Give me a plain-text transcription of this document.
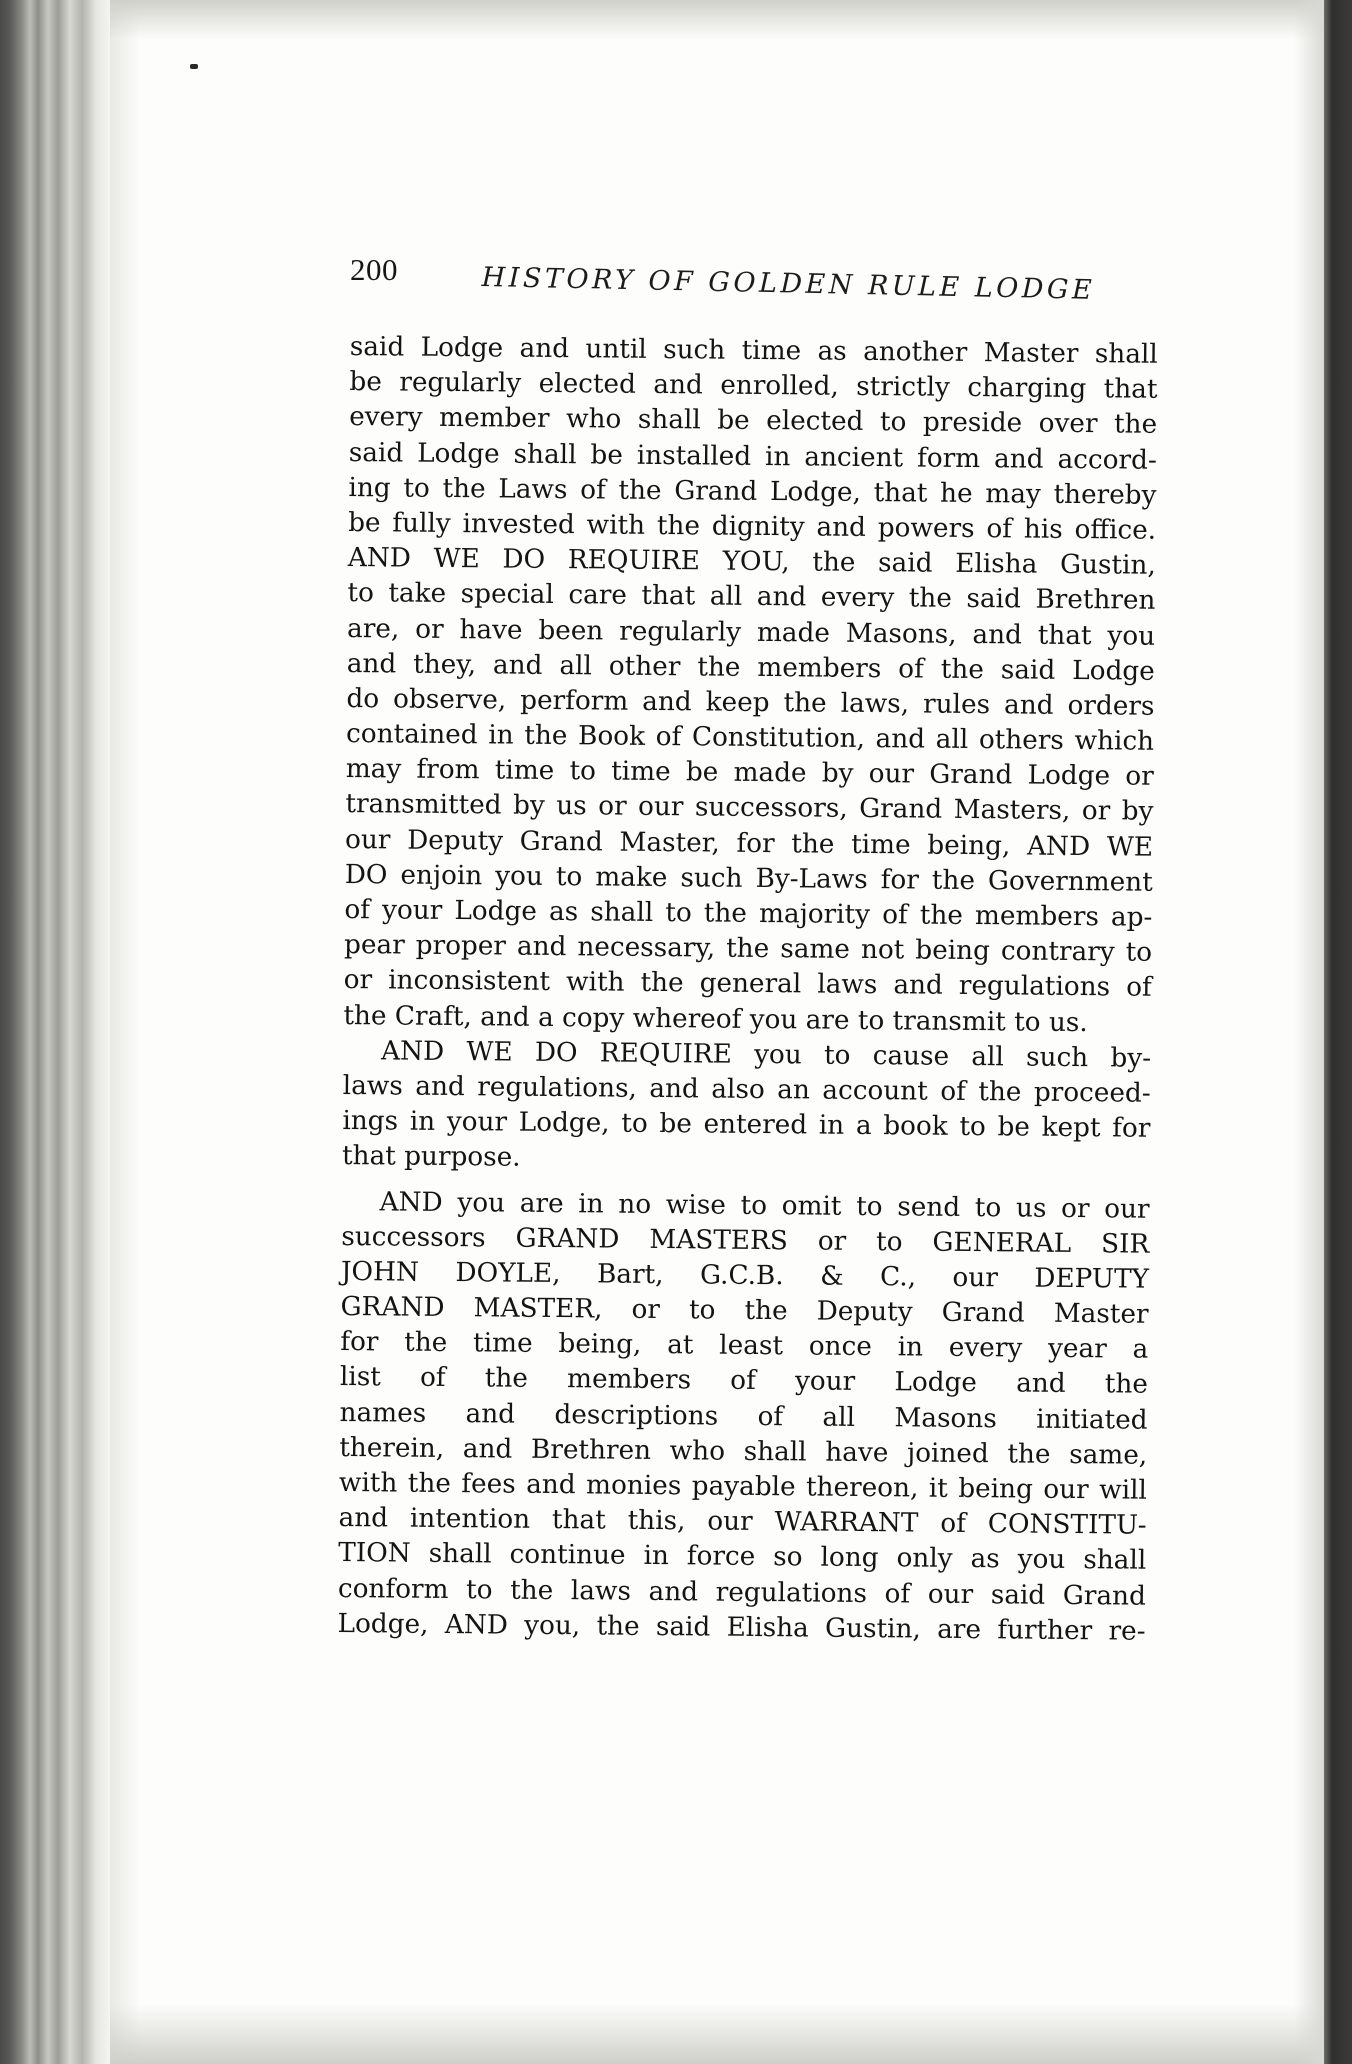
200	HISTORY OF GOLDEN RULE LODGE
said Lodge and until such time as another Master shall
be regularly elected and enrolled, strictly charging that
every member who shall be elected to preside over the
said Lodge shall be installed in ancient form and accord-
ing to the Laws of the Grand Lodge, that he may thereby
be fully invested with the dignity and powers of his office.
AND WE DO REQUIRE YOU, the said Elisha Gustin,
to take special care that all and every the said Brethren
are, or have been regularly made Masons, and that you
and they, and all other the members of the said Lodge
do observe, perform and keep the laws, rules and orders
contained in the Book of Constitution, and all others which
may from time to time be made by our Grand Lodge or
transmitted by us or our successors, Grand Masters, or by
our Deputy Grand Master, for the time being, AND WE
DO enjoin you to make such By-Laws for the Government
of your Lodge as shall to the majority of the members ap-
pear proper and necessary, the same not being contrary to
or inconsistent with the general laws and regulations of
the Craft, and a copy whereof you are to transmit to us.
AND WE DO REQUIRE you to cause all such by-
laws and regulations, and also an account of the proceed-
ings in your Lodge, to be entered in a book to be kept for
that purpose.
AND you are in no wise to omit to send to us or our
successors GRAND MASTERS or to GENERAL SIR
JOHN DOYLE, Bart, G.C.B. & C., our DEPUTY
GRAND MASTER, or to the Deputy Grand Master
for the time being, at least once in every year a
list of the members of your Lodge and the
names and descriptions of all Masons initiated
therein, and Brethren who shall have joined the same,
with the fees and monies payable thereon, it being our will
and intention that this, our WARRANT of CONSTITU-
TION shall continue in force so long only as you shall
conform to the laws and regulations of our said Grand
Lodge, AND you, the said Elisha Gustin, are further re-
